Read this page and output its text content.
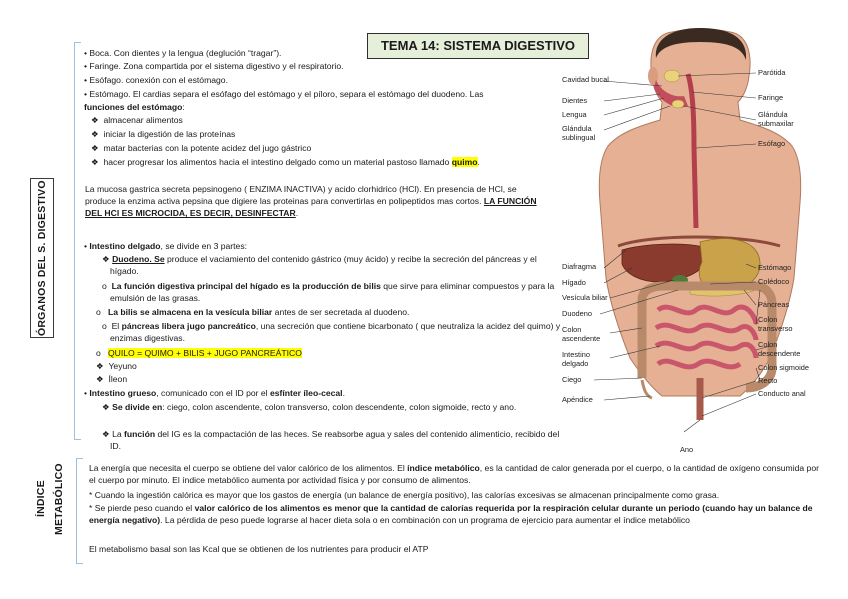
TEMA 14: SISTEMA DIGESTIVO
ÓRGANOS DEL S. DIGESTIVO
ÍNDICE METABÓLICO
• Boca. Con dientes y la lengua (deglución “tragar”).
• Faringe. Zona compartida por el sistema digestivo y el respiratorio.
• Esófago. conexión con el estómago.
• Estómago. El cardias separa el esófago del estómago y el píloro, separa el estómago del duodeno. Las
funciones del estómago:
❖  almacenar alimentos
❖  iniciar la digestión de las proteínas
❖  matar bacterias con la potente acidez del jugo gástrico
❖  hacer progresar los alimentos hacia el intestino delgado como un material pastoso llamado quimo.
La mucosa gastrica secreta pepsinogeno ( ENZIMA INACTIVA) y acido clorhidrico (HCl). En presencia de HCl, se produce la enzima activa pepsina que digiere las proteinas para convertirlas en polipeptidos mas cortos. LA FUNCIÓN DEL HCl ES MICROCIDA, ES DECIR, DESINFECTAR.
• Intestino delgado, se divide en 3 partes:
❖ Duodeno. Se produce el vaciamiento del contenido gástrico (muy ácido) y recibe la secreción del páncreas y el hígado.
o  La función digestiva principal del hígado es la producción de bilis que sirve para eliminar compuestos y para la emulsión de las grasas.
o   La bilis se almacena en la vesícula biliar antes de ser secretada al duodeno.
o  El páncreas libera jugo pancreático, una secreción que contiene bicarbonato ( que neutraliza la acidez del quimo) y enzimas digestivas.
o   QUILO = QUIMO + BILIS + JUGO PANCREÁTICO
❖  Yeyuno
❖  Íleon
• Intestino grueso, comunicado con el ID por el esfínter íleo-cecal.
❖ Se divide en: ciego, colon ascendente, colon transverso, colon descendente, colon sigmoide, recto y ano.
❖ La función del IG es la compactación de las heces. Se reabsorbe agua y sales del contenido alimenticio, recibido del ID.
La energía que necesita el cuerpo se obtiene del valor calórico de los alimentos. El índice metabólico, es la cantidad de calor generada por el cuerpo, o la cantidad de oxígeno consumida por el cuerpo por minuto. El índice metabólico aumenta por actividad física y por consumo de alimentos.
* Cuando la ingestión calórica es mayor que los gastos de energía (un balance de energía positivo), las calorías excesivas se almacenan principalmente como grasa.
* Se pierde peso cuando el valor calórico de los alimentos es menor que la cantidad de calorías requerida por la respiración celular durante un periodo (cuando hay un balance de energía negativo). La pérdida de peso puede lograrse al hacer dieta sola o en combinación con un programa de ejercicio para aumentar el índice metabólico
El metabolismo basal son las Kcal que se obtienen de los nutrientes para producir el ATP
Cavidad bucal
Dientes
Lengua
Glándula sublingual
Diafragma
Hígado
Vesícula biliar
Duodeno
Colon ascendente
Intestino delgado
Ciego
Apéndice
Parótida
Faringe
Glándula submaxilar
Esófago
Estómago
Colédoco
Páncreas
Colon transverso
Colon descendente
Colon sigmoide
Recto
Conducto anal
Ano
